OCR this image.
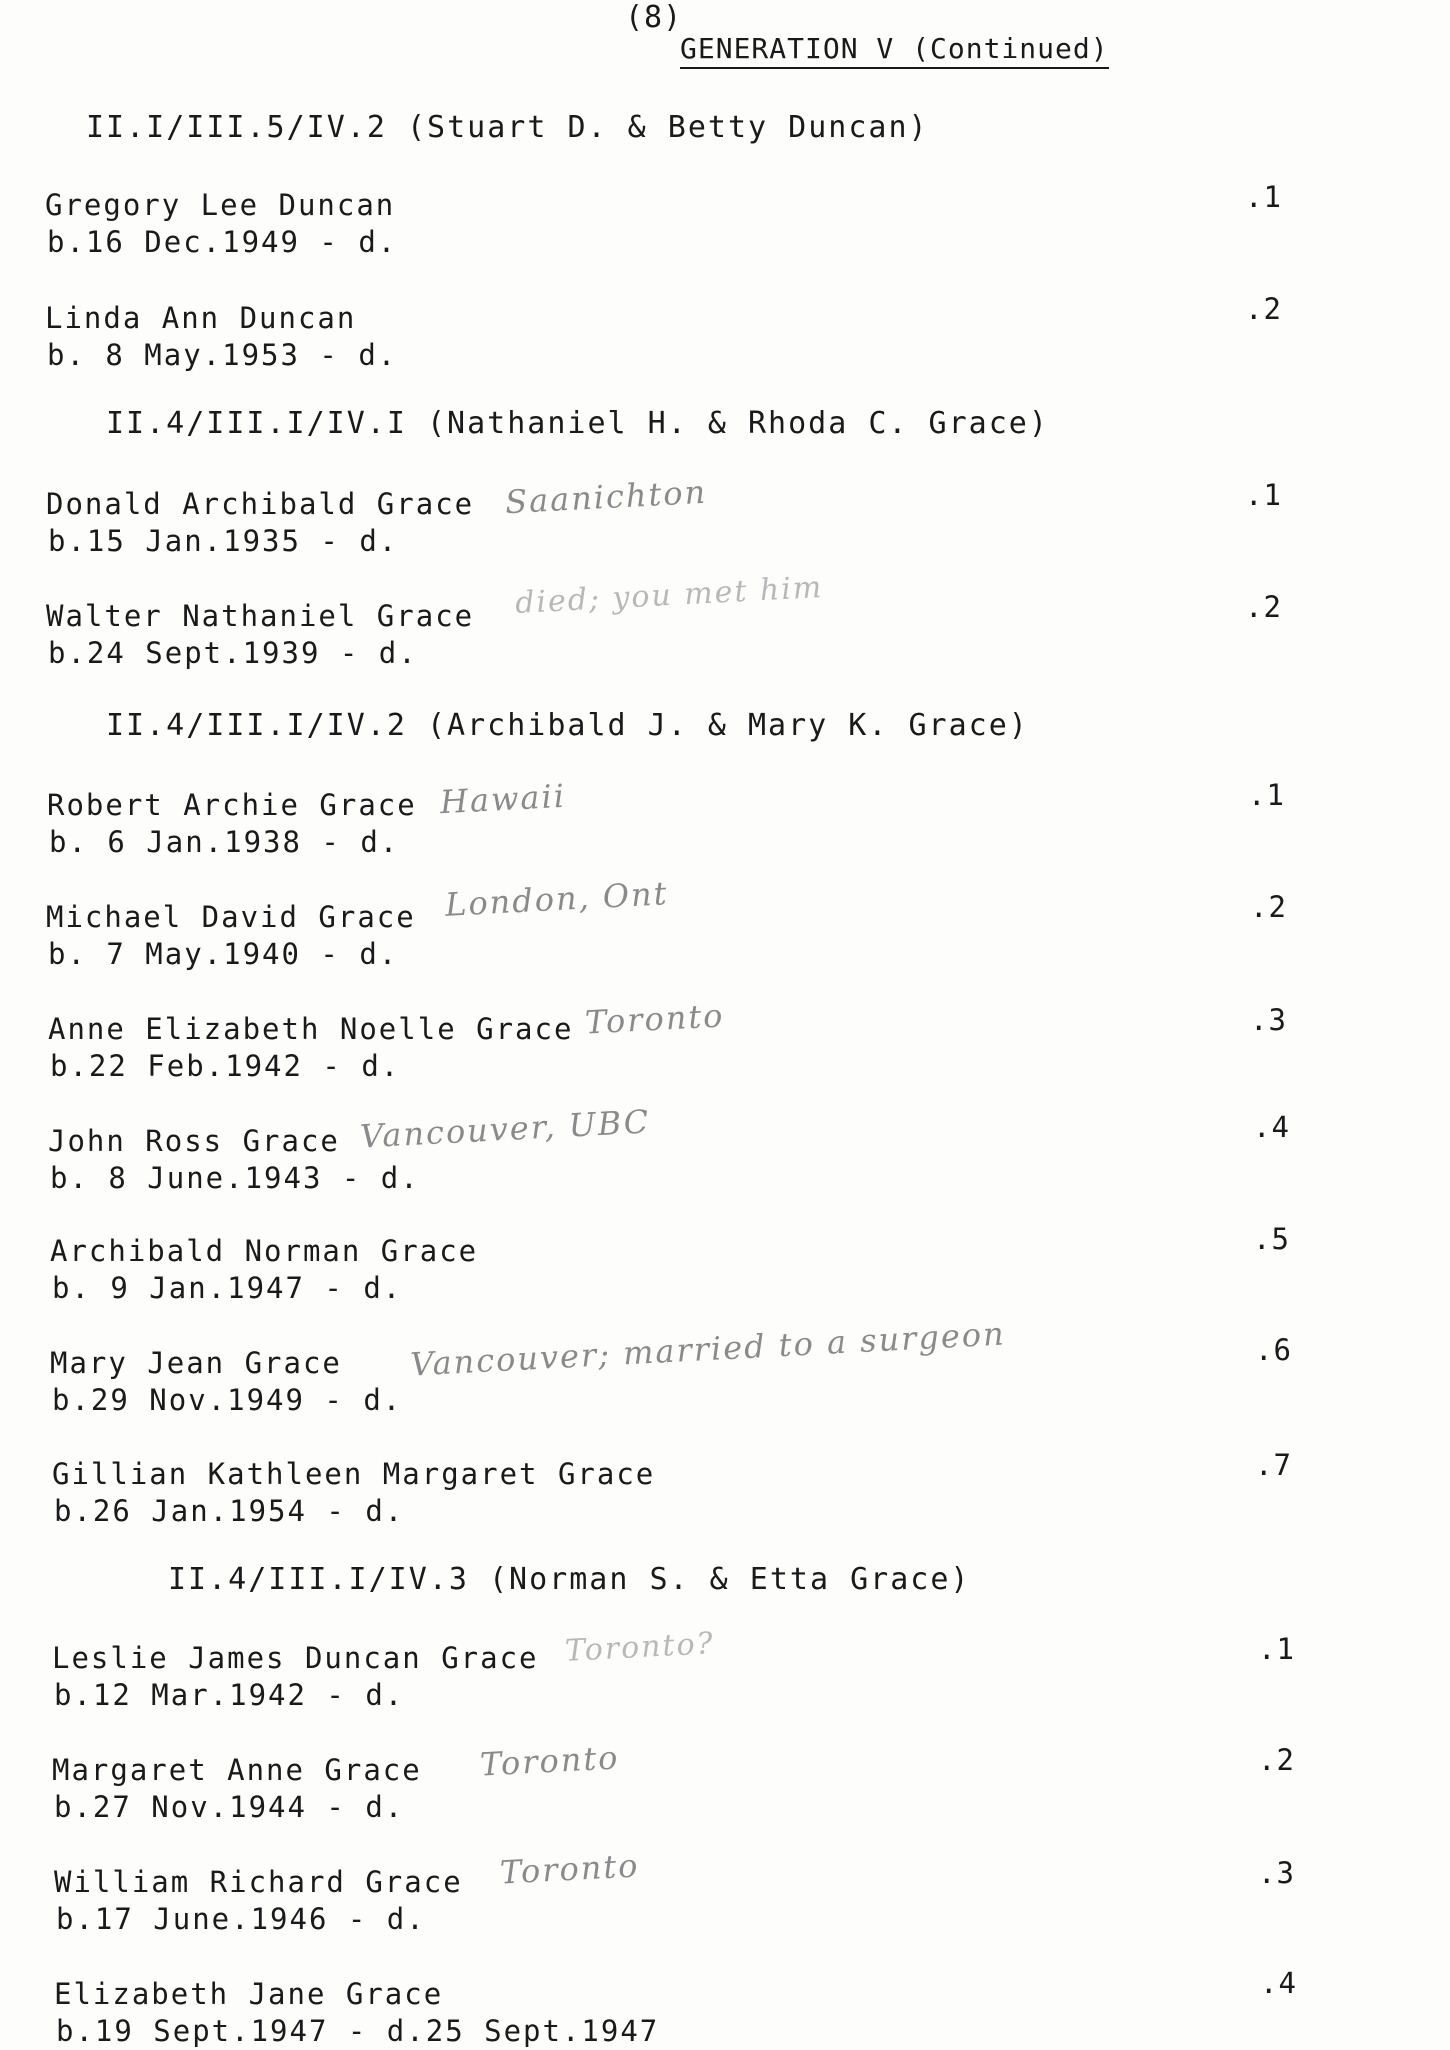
(8)
GENERATION V (Continued)
II.I/III.5/IV.2 (Stuart D. & Betty Duncan)
Gregory Lee Duncan
b.16 Dec.1949 - d.
.1
Linda Ann Duncan
b. 8 May.1953 - d.
.2
II.4/III.I/IV.I (Nathaniel H. & Rhoda C. Grace)
Donald Archibald Grace
b.15 Jan.1935 - d.
Saanichton	.1
Walter Nathaniel Grace
b.24 Sept.1939 - d.
died; you met him	.2
II.4/III.I/IV.2 (Archibald J. & Mary K. Grace)
Robert Archie Grace
b. 6 Jan.1938 - d.
Hawaii	.1
Michael David Grace
b. 7 May.1940 - d.
London, Ont	.2
Anne Elizabeth Noelle Grace
b.22 Feb.1942 - d.
Toronto	.3
John Ross Grace
b. 8 June.1943 - d.
Vancouver, UBC	.4
Archibald Norman Grace
b. 9 Jan.1947 - d.
.5
Mary Jean Grace
b.29 Nov.1949 - d.
Vancouver; married to a surgeon	.6
Gillian Kathleen Margaret Grace
b.26 Jan.1954 - d.
.7
II.4/III.I/IV.3 (Norman S. & Etta Grace)
Leslie James Duncan Grace
b.12 Mar.1942 - d.
Toronto?	.1
Margaret Anne Grace
b.27 Nov.1944 - d.
Toronto	.2
William Richard Grace
b.17 June.1946 - d.
Toronto	.3
Elizabeth Jane Grace
b.19 Sept.1947 - d.25 Sept.1947
.4
